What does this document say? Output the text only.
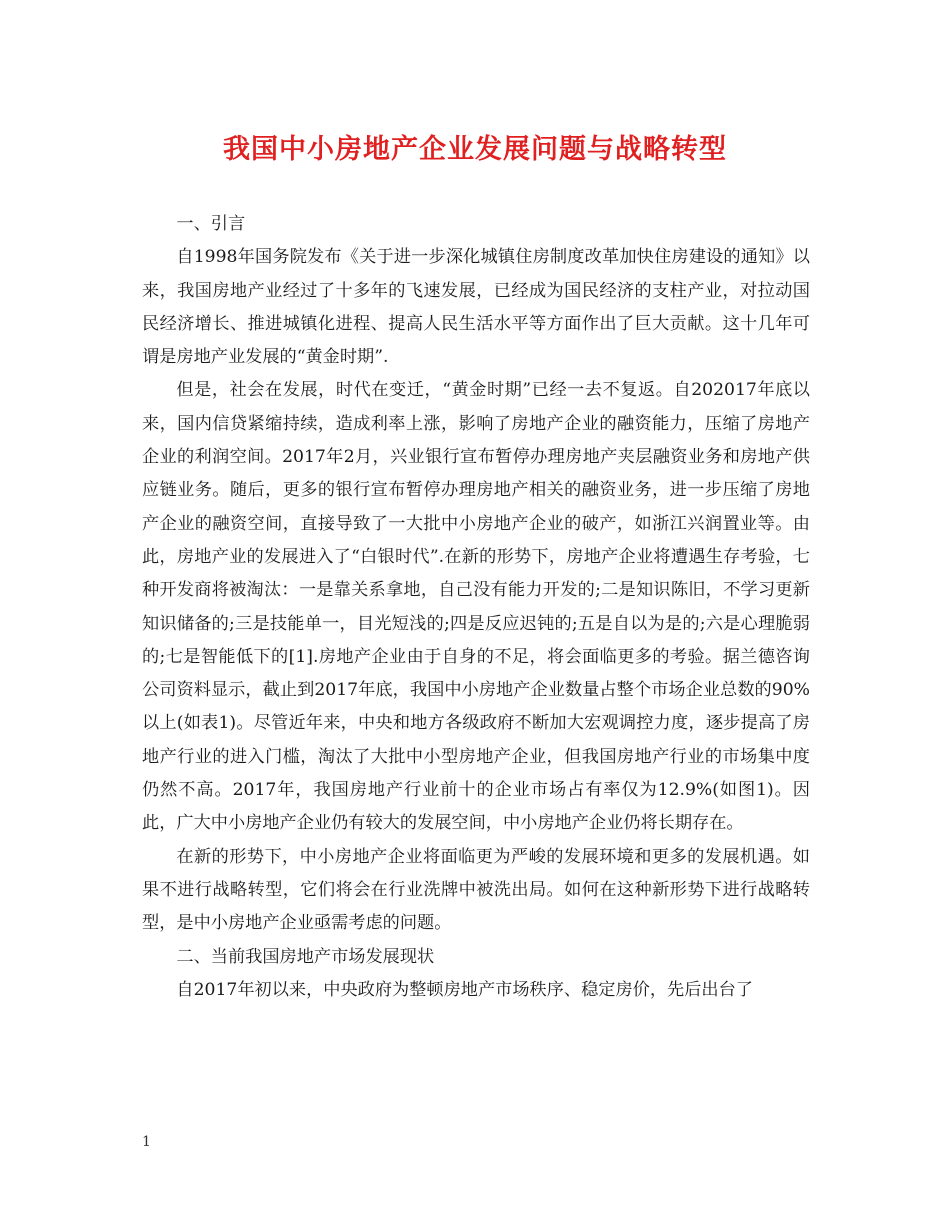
我国中小房地产企业发展问题与战略转型

一、引言

自1998年国务院发布《关于进一步深化城镇住房制度改革加快住房建设的通知》以来，我国房地产业经过了十多年的飞速发展，已经成为国民经济的支柱产业，对拉动国民经济增长、推进城镇化进程、提高人民生活水平等方面作出了巨大贡献。这十几年可谓是房地产业发展的“黄金时期”.

但是，社会在发展，时代在变迁，“黄金时期”已经一去不复返。自202017年底以来，国内信贷紧缩持续，造成利率上涨，影响了房地产企业的融资能力，压缩了房地产企业的利润空间。2017年2月，兴业银行宣布暂停办理房地产夹层融资业务和房地产供应链业务。随后，更多的银行宣布暂停办理房地产相关的融资业务，进一步压缩了房地产企业的融资空间，直接导致了一大批中小房地产企业的破产，如浙江兴润置业等。由此，房地产业的发展进入了“白银时代”.在新的形势下，房地产企业将遭遇生存考验，七种开发商将被淘汰：一是靠关系拿地，自己没有能力开发的;二是知识陈旧，不学习更新知识储备的;三是技能单一，目光短浅的;四是反应迟钝的;五是自以为是的;六是心理脆弱的;七是智能低下的[1].房地产企业由于自身的不足，将会面临更多的考验。据兰德咨询公司资料显示，截止到2017年底，我国中小房地产企业数量占整个市场企业总数的90%以上(如表1)。尽管近年来，中央和地方各级政府不断加大宏观调控力度，逐步提高了房地产行业的进入门槛，淘汰了大批中小型房地产企业，但我国房地产行业的市场集中度仍然不高。2017年，我国房地产行业前十的企业市场占有率仅为12.9%(如图1)。因此，广大中小房地产企业仍有较大的发展空间，中小房地产企业仍将长期存在。

在新的形势下，中小房地产企业将面临更为严峻的发展环境和更多的发展机遇。如果不进行战略转型，它们将会在行业洗牌中被洗出局。如何在这种新形势下进行战略转型，是中小房地产企业亟需考虑的问题。

二、当前我国房地产市场发展现状

自2017年初以来，中央政府为整顿房地产市场秩序、稳定房价，先后出台了

1
